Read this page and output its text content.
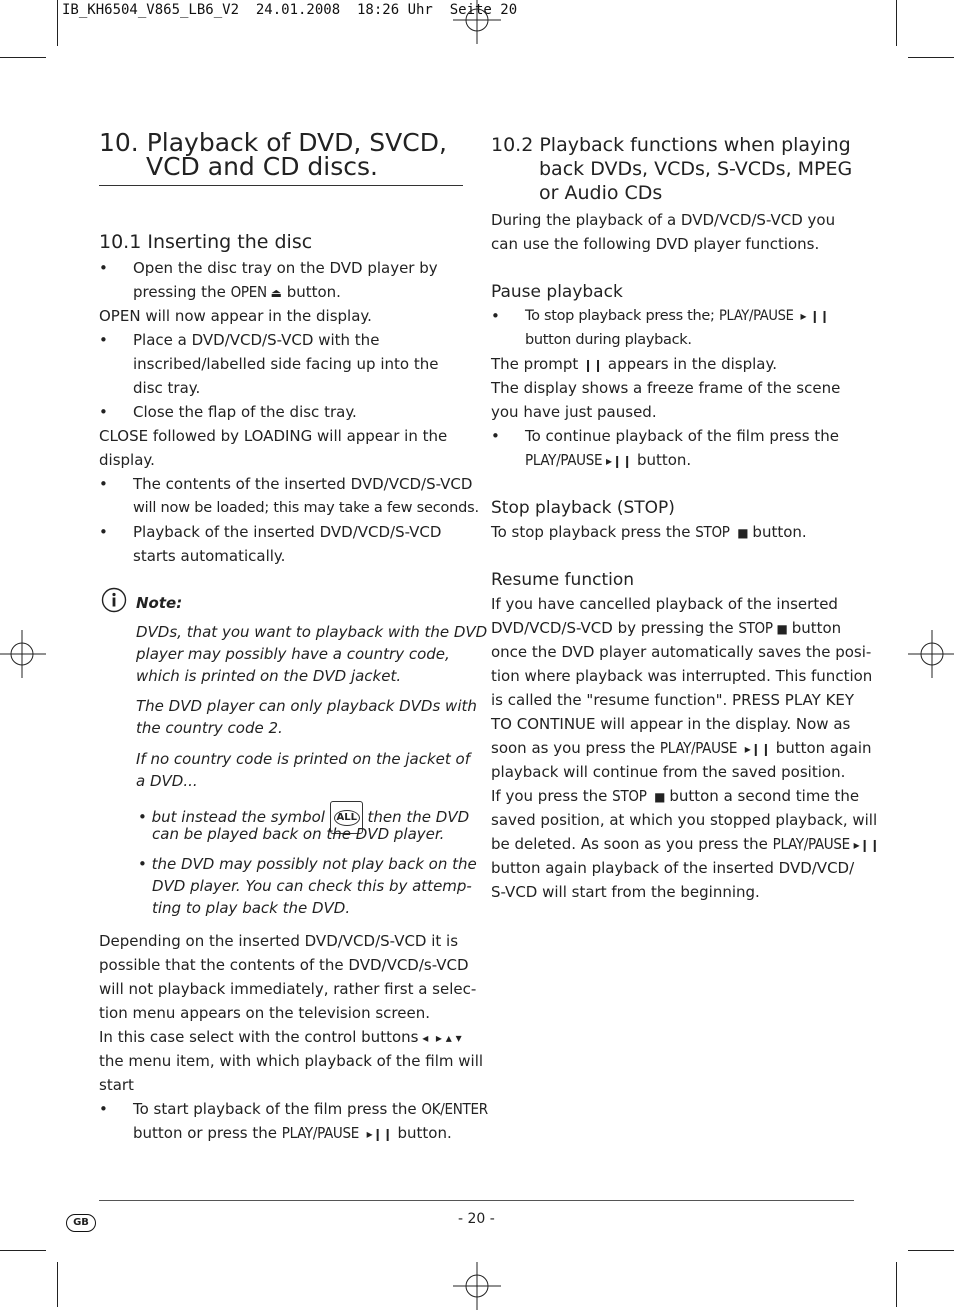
IB_KH6504_V865_LB6_V2  24.01.2008  18:26 Uhr  Seite 20
10. Playback of DVD, SVCD,
VCD and CD discs.
10.1 Inserting the disc
• Open the disc tray on the DVD player by
pressing the OPEN ⏏ button.
OPEN will now appear in the display.
• Place a DVD/VCD/S-VCD with the
inscribed/labelled side facing up into the
disc tray.
• Close the flap of the disc tray.
CLOSE followed by LOADING will appear in the
display.
• The contents of the inserted DVD/VCD/S-VCD
will now be loaded; this may take a few seconds.
• Playback of the inserted DVD/VCD/S-VCD
starts automatically.
Note:
DVDs, that you want to playback with the DVD
player may possibly have a country code,
which is printed on the DVD jacket.
The DVD player can only playback DVDs with
the country code 2.
If no country code is printed on the jacket of
a DVD...
• but instead the symbol ALL then the DVD
can be played back on the DVD player.
• the DVD may possibly not play back on the
DVD player. You can check this by attemp-
ting to play back the DVD.
Depending on the inserted DVD/VCD/S-VCD it is
possible that the contents of the DVD/VCD/s-VCD
will not playback immediately, rather first a selec-
tion menu appears on the television screen.
In this case select with the control buttons ◂  ▸ ▴ ▾
the menu item, with which playback of the film will
start
• To start playback of the film press the OK/ENTER
button or press the PLAY/PAUSE  ▸❙❙ button.
10.2 Playback functions when playing
back DVDs, VCDs, S-VCDs, MPEG
or Audio CDs
During the playback of a DVD/VCD/S-VCD you
can use the following DVD player functions.
Pause playback
• To stop playback press the; PLAY/PAUSE  ▸ ❙❙
button during playback.
The prompt ❙❙ appears in the display.
The display shows a freeze frame of the scene
you have just paused.
• To continue playback of the film press the
PLAY/PAUSE ▸❙❙ button.
Stop playback (STOP)
To stop playback press the STOP  ■ button.
Resume function
If you have cancelled playback of the inserted
DVD/VCD/S-VCD by pressing the STOP ■ button
once the DVD player automatically saves the posi-
tion where playback was interrupted. This function
is called the "resume function". PRESS PLAY KEY
TO CONTINUE will appear in the display. Now as
soon as you press the PLAY/PAUSE  ▸❙❙ button again
playback will continue from the saved position.
If you press the STOP  ■ button a second time the
saved position, at which you stopped playback, will
be deleted. As soon as you press the PLAY/PAUSE ▸❙❙
button again playback of the inserted DVD/VCD/
S-VCD will start from the beginning.
GB	- 20 -
